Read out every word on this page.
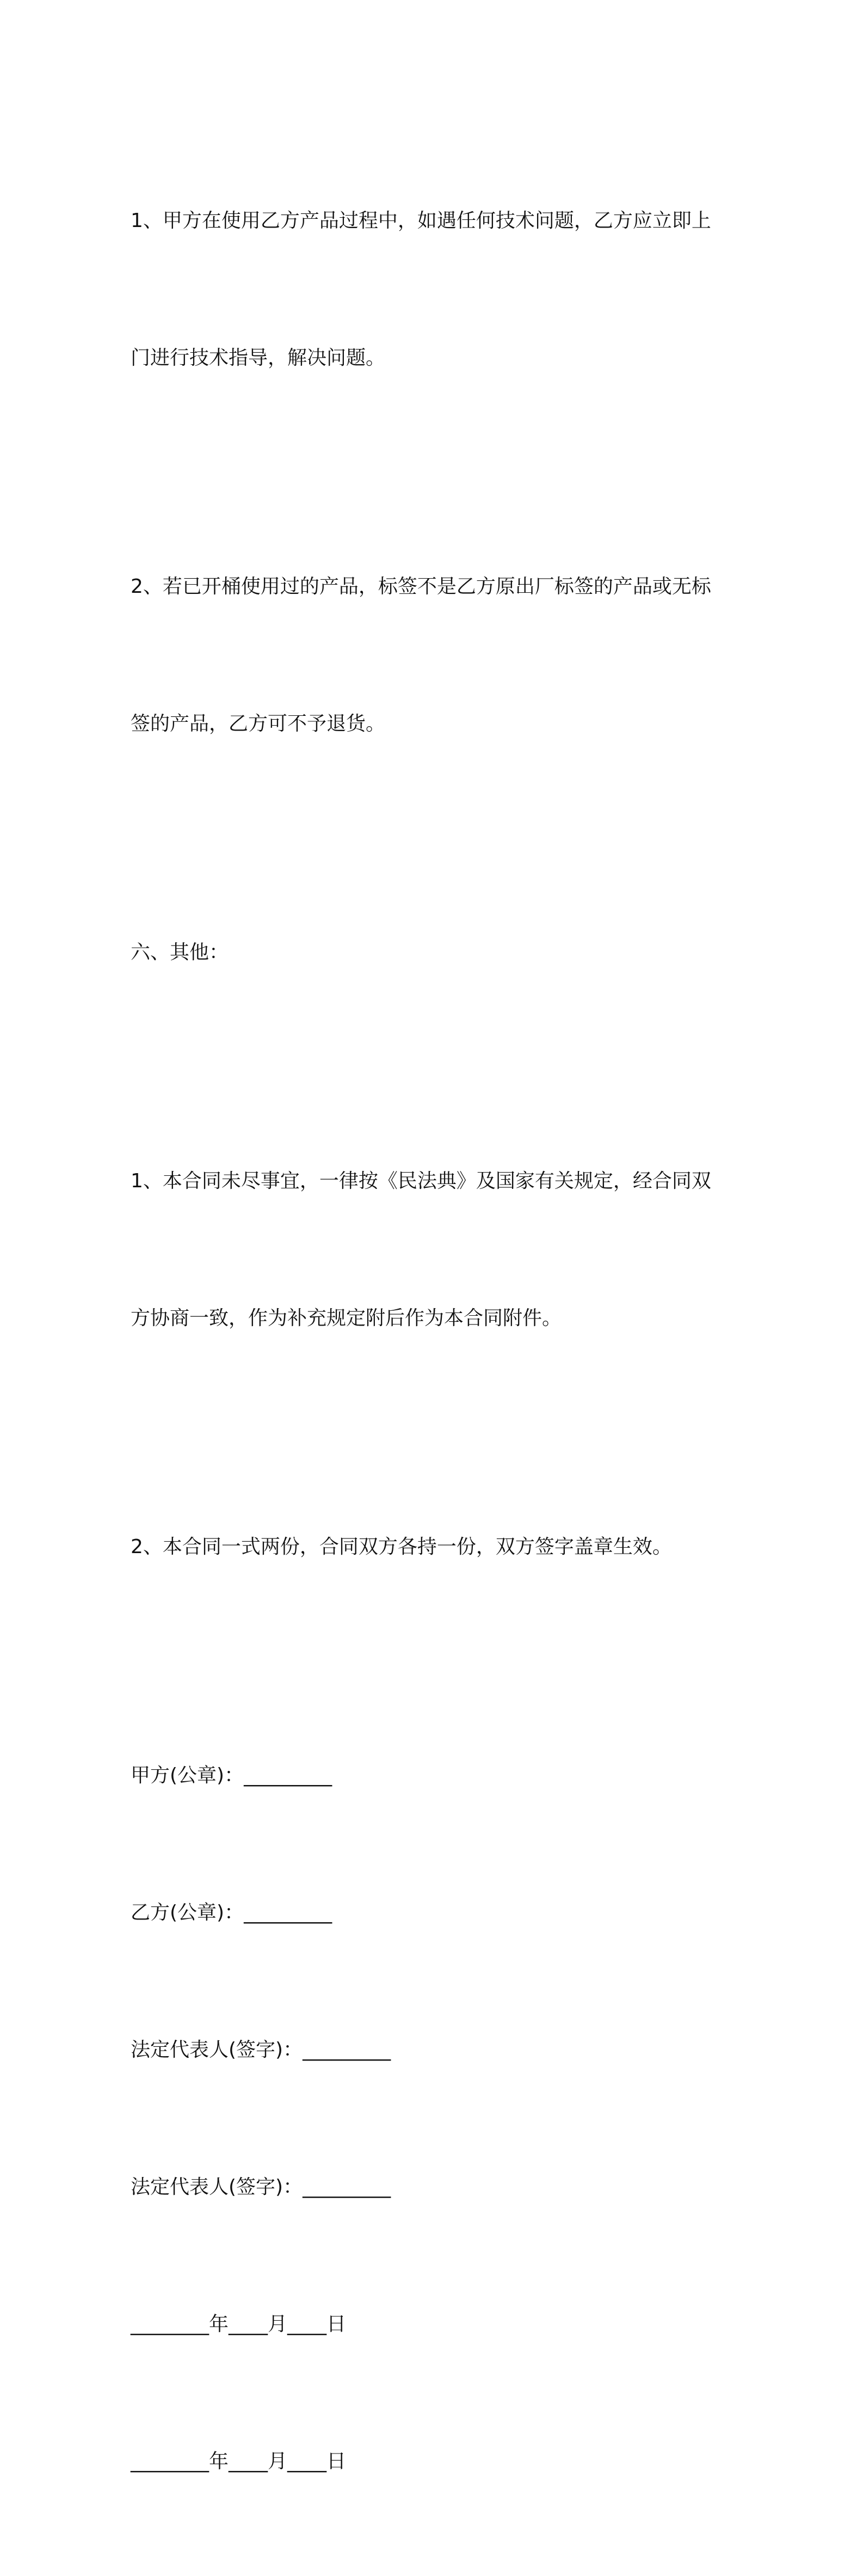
1、甲方在使用乙方产品过程中，如遇任何技术问题，乙方应立即上

门进行技术指导，解决问题。

2、若已开桶使用过的产品，标签不是乙方原出厂标签的产品或无标

签的产品，乙方可不予退货。

六、其他：

1、本合同未尽事宜，一律按《民法典》及国家有关规定，经合同双

方协商一致，作为补充规定附后作为本合同附件。

2、本合同一式两份，合同双方各持一份，双方签字盖章生效。

甲方(公章)：_________

乙方(公章)：_________

法定代表人(签字)：_________

法定代表人(签字)：_________

________年____月____日

________年____月____日
